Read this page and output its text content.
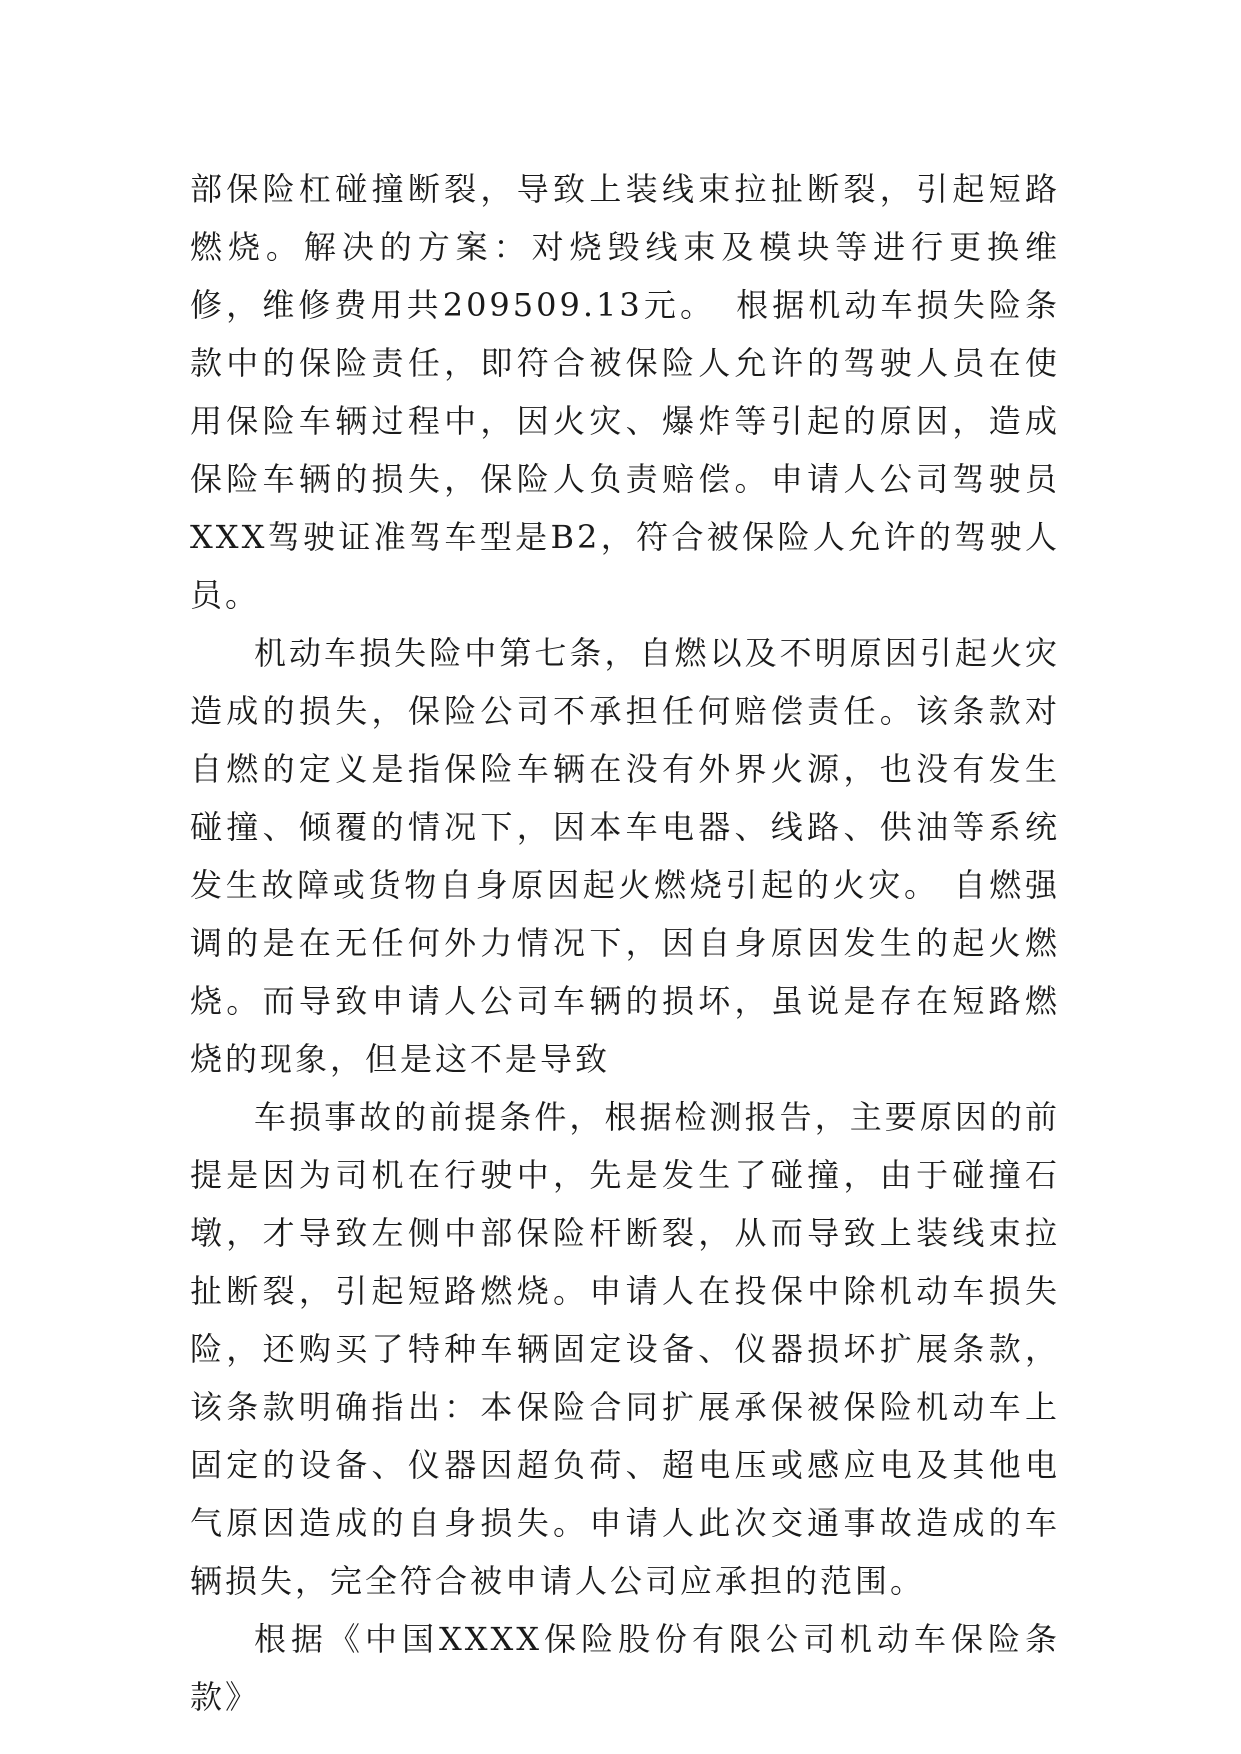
部保险杠碰撞断裂，导致上装线束拉扯断裂，引起短路燃烧。解决的方案：对烧毁线束及模块等进行更换维修，维修费用共209509.13元。　根据机动车损失险条款中的保险责任，即符合被保险人允许的驾驶人员在使用保险车辆过程中，因火灾、爆炸等引起的原因，造成保险车辆的损失，保险人负责赔偿。申请人公司驾驶员XXX驾驶证准驾车型是B2，符合被保险人允许的驾驶人员。

机动车损失险中第七条，自燃以及不明原因引起火灾造成的损失，保险公司不承担任何赔偿责任。该条款对自燃的定义是指保险车辆在没有外界火源，也没有发生碰撞、倾覆的情况下，因本车电器、线路、供油等系统发生故障或货物自身原因起火燃烧引起的火灾。 自燃强调的是在无任何外力情况下，因自身原因发生的起火燃烧。而导致申请人公司车辆的损坏，虽说是存在短路燃烧的现象，但是这不是导致

车损事故的前提条件，根据检测报告，主要原因的前提是因为司机在行驶中，先是发生了碰撞，由于碰撞石墩，才导致左侧中部保险杆断裂，从而导致上装线束拉扯断裂，引起短路燃烧。申请人在投保中除机动车损失险，还购买了特种车辆固定设备、仪器损坏扩展条款，该条款明确指出：本保险合同扩展承保被保险机动车上固定的设备、仪器因超负荷、超电压或感应电及其他电气原因造成的自身损失。申请人此次交通事故造成的车辆损失，完全符合被申请人公司应承担的范围。

根据《中国XXXX保险股份有限公司机动车保险条款》
